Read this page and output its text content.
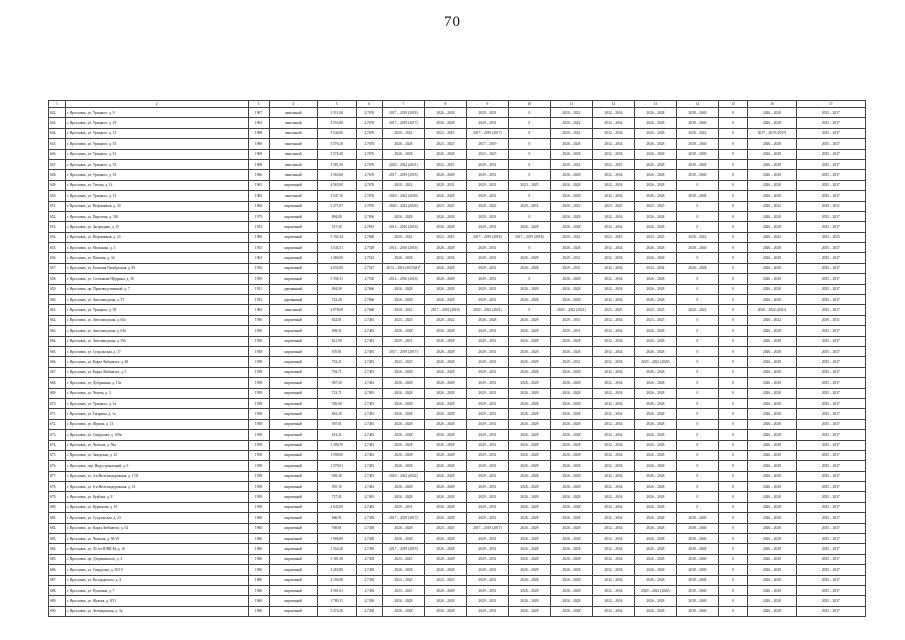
70
1	2	3	4	5	6	7	8	9	10	11	12	13	14	15	16	17
642.	г. Ярославль, ул. Урицкого, д. 9	1967	панельный	3 511,00	2,7676	2017 – 2019 (2018)	2026 – 2028	2029 – 2031	0	2020 – 2022	2032 – 2034	2026 – 2028	2038 – 2040	0	2026 – 2028	2035 – 2037
643.	г. Ярославль, ул. Урицкого, д. 29	1963	панельный	3 553,80	2,7676	2017 – 2019 (2017)	2026 – 2028	2029 – 2031	0	2020 – 2022	2032 – 2034	2026 – 2028	2038 – 2040	0	2026 – 2028	2035 – 2037
644.	г. Ярославль, ул. Урицкого, д. 13	1968	панельный	3 544,00	2,7676	2020 – 2022	2023 – 2025	2017 – 2019 (2017)	0	2020 – 2022	2032 – 2034	2026 – 2028	2020 – 2022	0	2017 – 2019 (2017)	2035 – 2037
645.	г. Ярославль, ул. Урицкого, д. 55	1969	панельный	3 576,10	2,7676	2026 – 2028	2023 – 2025	2017 – 2019	0	2026 – 2028	2032 – 2034	2026 – 2028	2038 – 2040	0	2026 – 2028	2035 – 2037
646.	г. Ярославль, ул. Урицкого, д. 61	1969	панельный	3 576,40	2,7676	2026 – 2028	2026 – 2028	2023 – 2025	0	2026 – 2028	2032 – 2034	2026 – 2028	2038 – 2040	0	2026 – 2028	2035 – 2037
647.	г. Ярославль, ул. Урицкого, д. 53	1968	панельный	3 581,30	2,7676	2020 – 2022 (2021)	2023 – 2025	2029 – 2031	0	2020 – 2022	2023 – 2025	2026 – 2028	2038 – 2040	0	2026 – 2028	2035 – 2037
648.	г. Ярославль, ул. Урицкого, д. 33	1966	панельный	3 563,60	2,7676	2017 – 2019 (2018)	2026 – 2028	2029 – 2031	0	2026 – 2028	2032 – 2034	2026 – 2028	2038 – 2040	0	2026 – 2028	2035 – 2037
649.	г. Ярославль, ул. Титова, д. 14	1965	кирпичный	4 565,00	2,7676	2020 – 2022	2029 – 2031	2029 – 2031	2023 – 2025	2026 – 2028	2032 – 2034	2026 – 2028	0	0	2026 – 2028	2035 – 2037
650.	г. Ярославль, ул. Урицкого, д. 31	1965	панельный	3 547,10	2,7676	2020 – 2022 (2020)	2026 – 2028	2029 – 2031	0	2026 – 2028	2032 – 2034	2026 – 2028	2038 – 2040	0	2026 – 2028	2035 – 2037
651.	г. Ярославль, ул. Нефтяников, д. 30	1966	кирпичный	3 271,87	2,7676	2020 – 2022 (2020)	2023 – 2025	2020 – 2022	2029 – 2031	2020 – 2022	2023 – 2025	2023 – 2025	0	0	2020 – 2022	2029 – 2031
652.	г. Ярославль, ул. Пирогова, д. 33б	1975	кирпичный	894,80	2,7656	2026 – 2028	2026 – 2028	2029 – 2031	0	2026 – 2028	2032 – 2034	2026 – 2028	0	0	2026 – 2028	2035 – 2037
653.	г. Ярославль, ул. Загородная, д. 15	1953	кирпичный	517,30	2,7691	2014 – 2016 (2016)	2026 – 2028	2029 – 2031	2026 – 2028	2026 – 2028	2032 – 2034	2026 – 2028	0	0	2026 – 2028	2035 – 2037
654.	г. Ярославль, ул. Нефтяников, д. 24	1966	кирпичный	5 192,34	2,7660	2020 – 2022	2023 – 2025	2017 – 2019 (2018)	2017 – 2019 (2018)	2020 – 2022	2023 – 2025	2023 – 2025	2020 – 2022	0	2020 – 2022	2023 – 2025
655.	г. Ярославль, ул. Мельника, д. 3	1955	кирпичный	1 545,51	2,7529	2014 – 2016 (2016)	2026 – 2028	2029 – 2031	0	2026 – 2028	2032 – 2034	2026 – 2028	2038 – 2040	0	2026 – 2028	2035 – 2037
656.	г. Ярославль, ул. Павлова, д. 34	1963	кирпичный	1 480,00	2,7523	2026 – 2028	2032 – 2034	2029 – 2031	2026 – 2028	2029 – 2031	2032 – 2034	2026 – 2028	0	0	2026 – 2028	2035 – 2037
657.	г. Ярославль, ул. Большая Октябрьская, д. 83	1956	кирпичный	2 635,00	2,7527	2014 – 2016 (2015)(I)*	2026 – 2028	2029 – 2031	2026 – 2028	2029 – 2031	2032 – 2034	2032 – 2034	2026 – 2028	0	2026 – 2028	2035 – 2037
658.	г. Ярославль, ул. Салтыкова-Щедрина, д. 30	1959	кирпичный	5 596,11	2,7530	2014 – 2016 (2016)	2026 – 2028	2029 – 2031	0	2026 – 2028	2032 – 2034	2026 – 2028	0	0	2026 – 2028	2035 – 2037
659.	г. Ярославль, пр. Производственный, д. 7	1951	деревянный	694,00	2,7666	2026 – 2028	2026 – 2028	2029 – 2031	2026 – 2028	2026 – 2028	2032 – 2034	2026 – 2028	0	0	2026 – 2028	2035 – 2037
660.	г. Ярославль, ул. Автозаводская, д. 57	1953	деревянный	722,20	2,7666	2026 – 2028	2026 – 2028	2029 – 2031	2026 – 2028	2026 – 2028	2032 – 2034	2026 – 2028	0	0	2026 – 2028	2035 – 2037
661.	г. Ярославль, ул. Урицкого, д. 58	1965	панельный	2 078,00	2,7660	2020 – 2022	2017 – 2019 (2018)	2020 – 2022 (2021)	0	2020 – 2022 (2021)	2023 – 2025	2023 – 2025	2020 – 2022	0	2020 – 2022 (2021)	2035 – 2037
662.	г. Ярославль, ул. Автозаводская, д. 65а	1956	кирпичный	824,81	2,7481	2023 – 2025	2020 – 2022	2026 – 2028	2026 – 2028	2029 – 2031	2032 – 2034	2023 – 2025	0	0	2020 – 2022	2029 – 2031
663.	г. Ярославль, ул. Автозаводская, д. 63б	1956	кирпичный	858,31	2,7481	2026 – 2028	2026 – 2028	2029 – 2031	2026 – 2028	2029 – 2031	2032 – 2034	2026 – 2028	0	0	2026 – 2028	2035 – 2037
664.	г. Ярославль, ул. Автозаводская, д. 59а	1956	кирпичный	821,90	2,7481	2029 – 2031	2026 – 2028	2029 – 2031	2026 – 2028	2026 – 2028	2032 – 2034	2026 – 2028	0	0	2026 – 2028	2035 – 2037
665.	г. Ярославль, ул. Суздальская, д. 17	1958	кирпичный	670,81	2,7481	2017 – 2019 (2017)	2026 – 2028	2029 – 2031	2026 – 2028	2026 – 2028	2032 – 2034	2026 – 2028	0	0	2026 – 2028	2035 – 2037
666.	г. Ярославль, ул. Карла Либкнехта, д. 48	1958	кирпичный	733,21	2,7481	2023 – 2025	2026 – 2028	2029 – 2031	2026 – 2028	2029 – 2031	2032 – 2034	2020 – 2022 (2020)	0	0	2026 – 2028	2035 – 2037
667.	г. Ярославль, ул. Карла Либкнехта, д. 5	1958	кирпичный	794,71	2,7481	2026 – 2028	2026 – 2028	2029 – 2031	2026 – 2028	2026 – 2028	2032 – 2034	2026 – 2028	0	0	2026 – 2028	2035 – 2037
668.	г. Ярославль, ул. Добрынина, д. 13а	1958	кирпичный	587,30	2,7481	2026 – 2028	2026 – 2028	2029 – 2031	2026 – 2028	2026 – 2028	2032 – 2034	2026 – 2028	0	0	2026 – 2028	2035 – 2037
669.	г. Ярославль, ул. Чехова, д. 3	1958	кирпичный	713,71	2,7481	2026 – 2028	2026 – 2028	2029 – 2031	2026 – 2028	2026 – 2028	2032 – 2034	2026 – 2028	0	0	2026 – 2028	2035 – 2037
670.	г. Ярославль, ул. Урицкого, д. 3а	1958	кирпичный	556,00	2,7481	2026 – 2028	2026 – 2028	2029 – 2031	2026 – 2028	2026 – 2028	2032 – 2034	2026 – 2028	0	0	2026 – 2028	2035 – 2037
671.	г. Ярославль, ул. Гагарина, д. 1а	1958	кирпичный	845,20	2,7481	2026 – 2028	2026 – 2028	2029 – 2031	2026 – 2028	2026 – 2028	2032 – 2034	2026 – 2028	0	0	2026 – 2028	2035 – 2037
672.	г. Ярославль, ул. Жукова, д. 13	1958	кирпичный	597,01	2,7481	2026 – 2028	2026 – 2028	2029 – 2031	2026 – 2028	2026 – 2028	2032 – 2034	2026 – 2028	0	0	2026 – 2028	2035 – 2037
673.	г. Ярославль, ул. Свердлова, д. 100в	1958	кирпичный	613,21	2,7481	2026 – 2028	2026 – 2028	2029 – 2031	2026 – 2028	2026 – 2028	2032 – 2034	2026 – 2028	0	0	2026 – 2028	2035 – 2037
674.	г. Ярославль, ул. Чкалова, д. 56а	1958	кирпичный	1 290,70	2,7481	2026 – 2028	2026 – 2028	2029 – 2031	2026 – 2028	2026 – 2028	2032 – 2034	2026 – 2028	0	0	2026 – 2028	2035 – 2037
675.	г. Ярославль, ул. Заводская, д. 12	1958	кирпичный	1 598,00	2,7481	2026 – 2028	2026 – 2028	2029 – 2031	2026 – 2028	2026 – 2028	2032 – 2034	2026 – 2028	0	0	2026 – 2028	2035 – 2037
676.	г. Ярославль, пер. Индустриальный, д. 6	1958	кирпичный	1 579,01	2,7481	2026 – 2028	2026 – 2028	2029 – 2031	2026 – 2028	2026 – 2028	2032 – 2034	2026 – 2028	0	0	2026 – 2028	2035 – 2037
677.	г. Ярославль, ул. 4-я Железнодорожная, д. 17/8	1958	кирпичный	569,30	2,7481	2020 – 2022 (2022)	2026 – 2028	2029 – 2031	2026 – 2028	2026 – 2028	2032 – 2034	2026 – 2028	0	0	2026 – 2028	2035 – 2037
678.	г. Ярославль, ул. 6-я Железнодорожная, д. 13	1958	кирпичный	955,10	2,7481	2026 – 2028	2026 – 2028	2029 – 2031	2026 – 2028	2026 – 2028	2032 – 2034	2026 – 2028	0	0	2026 – 2028	2035 – 2037
679.	г. Ярославль, ул. Курбака, д. 8	1958	кирпичный	717,01	2,7481	2026 – 2028	2026 – 2028	2029 – 2031	2026 – 2028	2026 – 2028	2032 – 2034	2026 – 2028	0	0	2026 – 2028	2035 – 2037
680.	г. Ярославль, ул. Курчатова, д. 10	1958	кирпичный	2 645,00	2,7481	2029 – 2031	2026 – 2028	2029 – 2031	2026 – 2028	2026 – 2028	2032 – 2034	2026 – 2028	0	0	2026 – 2028	2035 – 2037
681.	г. Ярославль, ул. Суздальская, д. 23	1960	кирпичный	666,91	2,7450	2017 – 2019 (2017)	2026 – 2028	2029 – 2031	2026 – 2028	2026 – 2028	2032 – 2034	2026 – 2028	2038 – 2040	0	2026 – 2028	2035 – 2037
682.	г. Ярославль, ул. Карла Либкнехта, д. 54	1960	кирпичный	768,81	2,7450	2026 – 2028	2023 – 2025	2017 – 2019 (2017)	2026 – 2028	2026 – 2028	2032 – 2034	2026 – 2028	2038 – 2040	0	2026 – 2028	2035 – 2037
683.	г. Ярославль, ул. Чкалова, д. 58/19	1960	кирпичный	1 906,80	2,7450	2026 – 2028	2026 – 2028	2029 – 2031	2026 – 2028	2026 – 2028	2032 – 2034	2026 – 2028	2038 – 2040	0	2026 – 2028	2035 – 2037
684.	г. Ярославль, ул. 50 лет ВЛКСМ, д. 16	1960	кирпичный	1 354,20	2,7450	2017 – 2019 (2019)	2026 – 2028	2029 – 2031	2026 – 2028	2026 – 2028	2032 – 2034	2026 – 2028	2038 – 2040	0	2026 – 2028	2035 – 2037
685.	г. Ярославль, пр. Дзержинского, д. 3	1960	кирпичный	5 181,30	2,7450	2023 – 2025	2026 – 2028	2029 – 2031	2026 – 2028	2026 – 2028	2032 – 2034	2026 – 2028	2038 – 2040	0	2026 – 2028	2035 – 2037
686.	г. Ярославль, ул. Свердлова, д. 50/19	1960	кирпичный	3 265,80	2,7450	2026 – 2028	2026 – 2028	2029 – 2031	2026 – 2028	2026 – 2028	2032 – 2034	2026 – 2028	2038 – 2040	0	2026 – 2028	2035 – 2037
687.	г. Ярославль, ул. Володарского, д. 4	1960	кирпичный	2 194,90	2,7450	2023 – 2025	2023 – 2025	2029 – 2031	2026 – 2028	2026 – 2028	2032 – 2034	2026 – 2028	2038 – 2040	0	2026 – 2028	2035 – 2037
688.	г. Ярославль, ул. Пушкина, д. 7	1960	кирпичный	4 581,61	2,7450	2023 – 2025	2026 – 2028	2029 – 2031	2026 – 2028	2026 – 2028	2032 – 2034	2020 – 2022 (2020)	2038 – 2040	0	2026 – 2028	2035 – 2037
689.	г. Ярославль, ул. Жукова, д. 8/31	1960	кирпичный	1 780,11	2,7450	2026 – 2028	2026 – 2028	2029 – 2031	2026 – 2028	2026 – 2028	2032 – 2034	2026 – 2028	2038 – 2040	0	2026 – 2028	2035 – 2037
690.	г. Ярославль, ул. Зеленцовская, д. 3а	1960	кирпичный	3 474,30	2,7450	2026 – 2028	2026 – 2028	2029 – 2031	2026 – 2028	2026 – 2028	2032 – 2034	2026 – 2028	2038 – 2040	0	2026 – 2028	2035 – 2037
